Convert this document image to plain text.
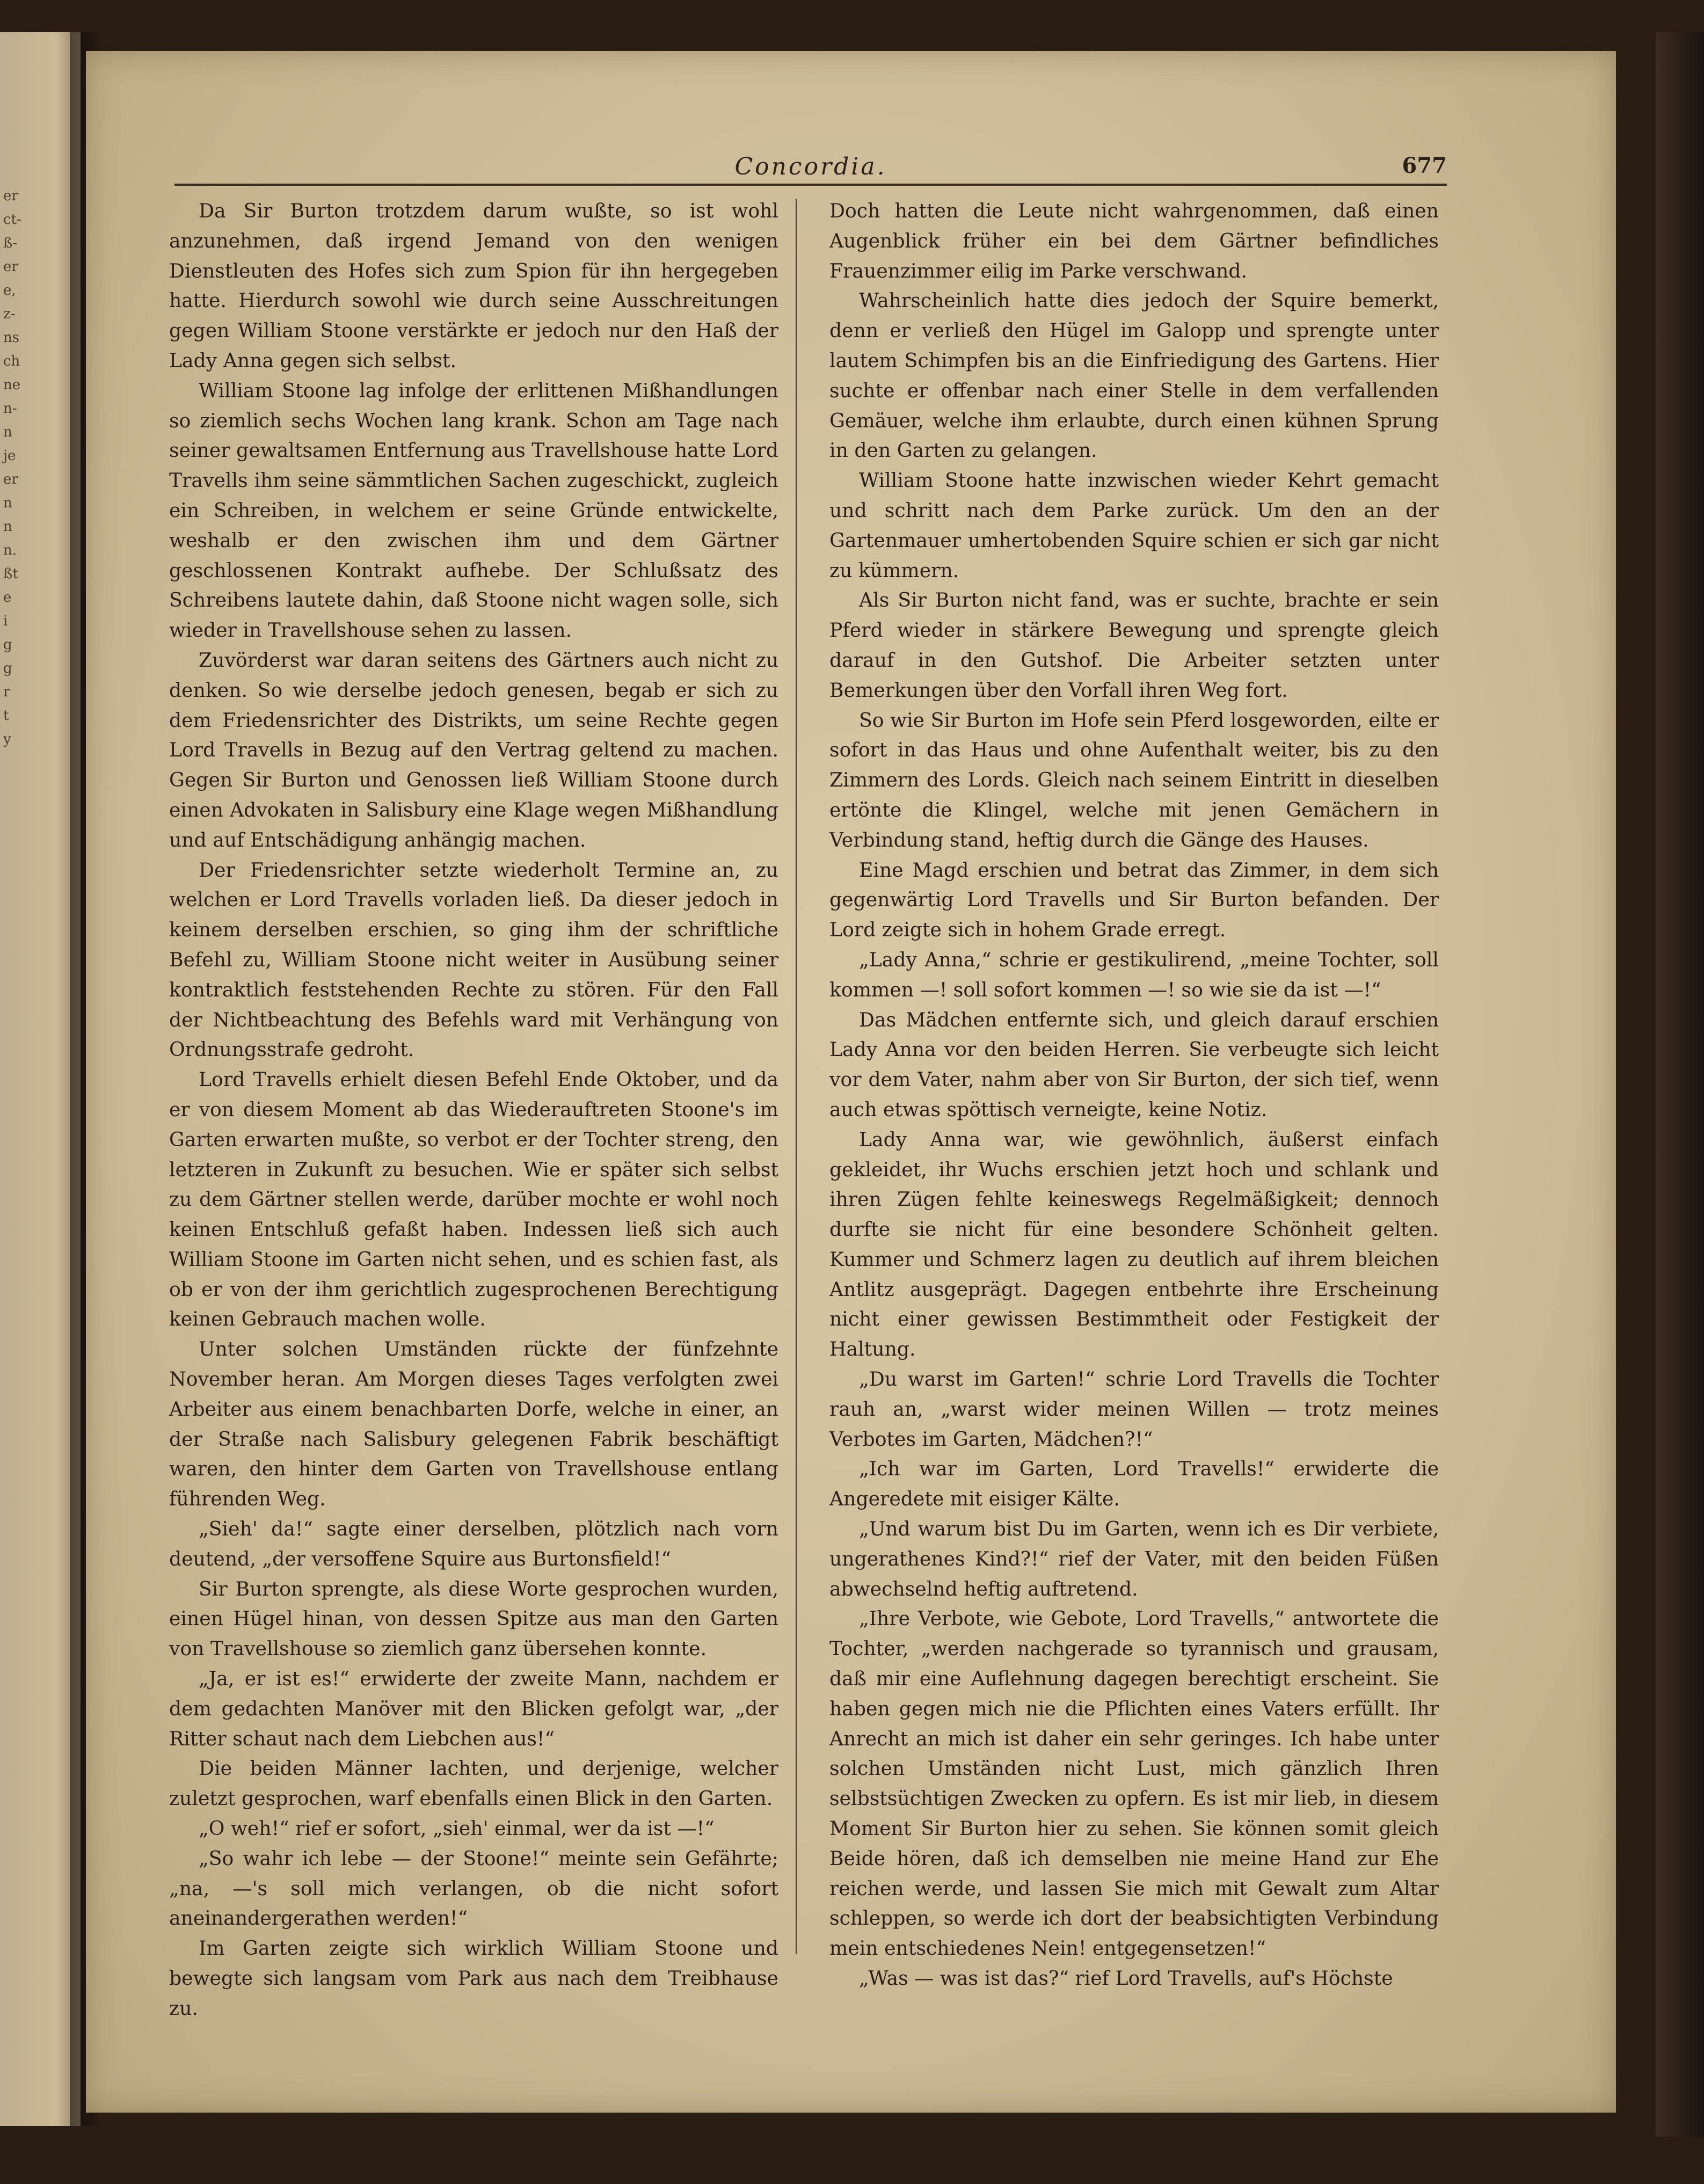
er
ct-
ß-
er
e,
z-
ns
ch
ne
n-
n
je
er
n
n
n.
ßt
e
i
g
g
r
t
y
Concordia.	677

Da Sir Burton trotzdem darum wußte, so ist wohl anzunehmen, daß irgend Jemand von den wenigen Dienstleuten des Hofes sich zum Spion für ihn hergegeben hatte. Hierdurch sowohl wie durch seine Ausschreitungen gegen William Stoone verstärkte er jedoch nur den Haß der Lady Anna gegen sich selbst.

William Stoone lag infolge der erlittenen Mißhandlungen so ziemlich sechs Wochen lang krank. Schon am Tage nach seiner gewaltsamen Entfernung aus Travellshouse hatte Lord Travells ihm seine sämmtlichen Sachen zugeschickt, zugleich ein Schreiben, in welchem er seine Gründe entwickelte, weshalb er den zwischen ihm und dem Gärtner geschlossenen Kontrakt aufhebe. Der Schlußsatz des Schreibens lautete dahin, daß Stoone nicht wagen solle, sich wieder in Travellshouse sehen zu lassen.

Zuvörderst war daran seitens des Gärtners auch nicht zu denken. So wie derselbe jedoch genesen, begab er sich zu dem Friedensrichter des Distrikts, um seine Rechte gegen Lord Travells in Bezug auf den Vertrag geltend zu machen. Gegen Sir Burton und Genossen ließ William Stoone durch einen Advokaten in Salisbury eine Klage wegen Mißhandlung und auf Entschädigung anhängig machen.

Der Friedensrichter setzte wiederholt Termine an, zu welchen er Lord Travells vorladen ließ. Da dieser jedoch in keinem derselben erschien, so ging ihm der schriftliche Befehl zu, William Stoone nicht weiter in Ausübung seiner kontraktlich feststehenden Rechte zu stören. Für den Fall der Nichtbeachtung des Befehls ward mit Verhängung von Ordnungsstrafe gedroht.

Lord Travells erhielt diesen Befehl Ende Oktober, und da er von diesem Moment ab das Wiederauftreten Stoone's im Garten erwarten mußte, so verbot er der Tochter streng, den letzteren in Zukunft zu besuchen. Wie er später sich selbst zu dem Gärtner stellen werde, darüber mochte er wohl noch keinen Entschluß gefaßt haben. Indessen ließ sich auch William Stoone im Garten nicht sehen, und es schien fast, als ob er von der ihm gerichtlich zugesprochenen Berechtigung keinen Gebrauch machen wolle.

Unter solchen Umständen rückte der fünfzehnte November heran. Am Morgen dieses Tages verfolgten zwei Arbeiter aus einem benachbarten Dorfe, welche in einer, an der Straße nach Salisbury gelegenen Fabrik beschäftigt waren, den hinter dem Garten von Travellshouse entlang führenden Weg.

„Sieh' da!“ sagte einer derselben, plötzlich nach vorn deutend, „der versoffene Squire aus Burtonsfield!“

Sir Burton sprengte, als diese Worte gesprochen wurden, einen Hügel hinan, von dessen Spitze aus man den Garten von Travellshouse so ziemlich ganz übersehen konnte.

„Ja, er ist es!“ erwiderte der zweite Mann, nachdem er dem gedachten Manöver mit den Blicken gefolgt war, „der Ritter schaut nach dem Liebchen aus!“

Die beiden Männer lachten, und derjenige, welcher zuletzt gesprochen, warf ebenfalls einen Blick in den Garten.

„O weh!“ rief er sofort, „sieh' einmal, wer da ist —!“

„So wahr ich lebe — der Stoone!“ meinte sein Gefährte; „na, —'s soll mich verlangen, ob die nicht sofort aneinandergerathen werden!“

Im Garten zeigte sich wirklich William Stoone und bewegte sich langsam vom Park aus nach dem Treibhause zu.

Doch hatten die Leute nicht wahrgenommen, daß einen Augenblick früher ein bei dem Gärtner befindliches Frauenzimmer eilig im Parke verschwand.

Wahrscheinlich hatte dies jedoch der Squire bemerkt, denn er verließ den Hügel im Galopp und sprengte unter lautem Schimpfen bis an die Einfriedigung des Gartens. Hier suchte er offenbar nach einer Stelle in dem verfallenden Gemäuer, welche ihm erlaubte, durch einen kühnen Sprung in den Garten zu gelangen.

William Stoone hatte inzwischen wieder Kehrt gemacht und schritt nach dem Parke zurück. Um den an der Gartenmauer umhertobenden Squire schien er sich gar nicht zu kümmern.

Als Sir Burton nicht fand, was er suchte, brachte er sein Pferd wieder in stärkere Bewegung und sprengte gleich darauf in den Gutshof. Die Arbeiter setzten unter Bemerkungen über den Vorfall ihren Weg fort.

So wie Sir Burton im Hofe sein Pferd losgeworden, eilte er sofort in das Haus und ohne Aufenthalt weiter, bis zu den Zimmern des Lords. Gleich nach seinem Eintritt in dieselben ertönte die Klingel, welche mit jenen Gemächern in Verbindung stand, heftig durch die Gänge des Hauses.

Eine Magd erschien und betrat das Zimmer, in dem sich gegenwärtig Lord Travells und Sir Burton befanden. Der Lord zeigte sich in hohem Grade erregt.

„Lady Anna,“ schrie er gestikulirend, „meine Tochter, soll kommen —! soll sofort kommen —! so wie sie da ist —!“

Das Mädchen entfernte sich, und gleich darauf erschien Lady Anna vor den beiden Herren. Sie verbeugte sich leicht vor dem Vater, nahm aber von Sir Burton, der sich tief, wenn auch etwas spöttisch verneigte, keine Notiz.

Lady Anna war, wie gewöhnlich, äußerst einfach gekleidet, ihr Wuchs erschien jetzt hoch und schlank und ihren Zügen fehlte keineswegs Regelmäßigkeit; dennoch durfte sie nicht für eine besondere Schönheit gelten. Kummer und Schmerz lagen zu deutlich auf ihrem bleichen Antlitz ausgeprägt. Dagegen entbehrte ihre Erscheinung nicht einer gewissen Bestimmtheit oder Festigkeit der Haltung.

„Du warst im Garten!“ schrie Lord Travells die Tochter rauh an, „warst wider meinen Willen — trotz meines Verbotes im Garten, Mädchen?!“

„Ich war im Garten, Lord Travells!“ erwiderte die Angeredete mit eisiger Kälte.

„Und warum bist Du im Garten, wenn ich es Dir verbiete, ungerathenes Kind?!“ rief der Vater, mit den beiden Füßen abwechselnd heftig auftretend.

„Ihre Verbote, wie Gebote, Lord Travells,“ antwortete die Tochter, „werden nachgerade so tyrannisch und grausam, daß mir eine Auflehnung dagegen berechtigt erscheint. Sie haben gegen mich nie die Pflichten eines Vaters erfüllt. Ihr Anrecht an mich ist daher ein sehr geringes. Ich habe unter solchen Umständen nicht Lust, mich gänzlich Ihren selbstsüchtigen Zwecken zu opfern. Es ist mir lieb, in diesem Moment Sir Burton hier zu sehen. Sie können somit gleich Beide hören, daß ich demselben nie meine Hand zur Ehe reichen werde, und lassen Sie mich mit Gewalt zum Altar schleppen, so werde ich dort der beabsichtigten Verbindung mein entschiedenes Nein! entgegensetzen!“

„Was — was ist das?“ rief Lord Travells, auf's Höchste
